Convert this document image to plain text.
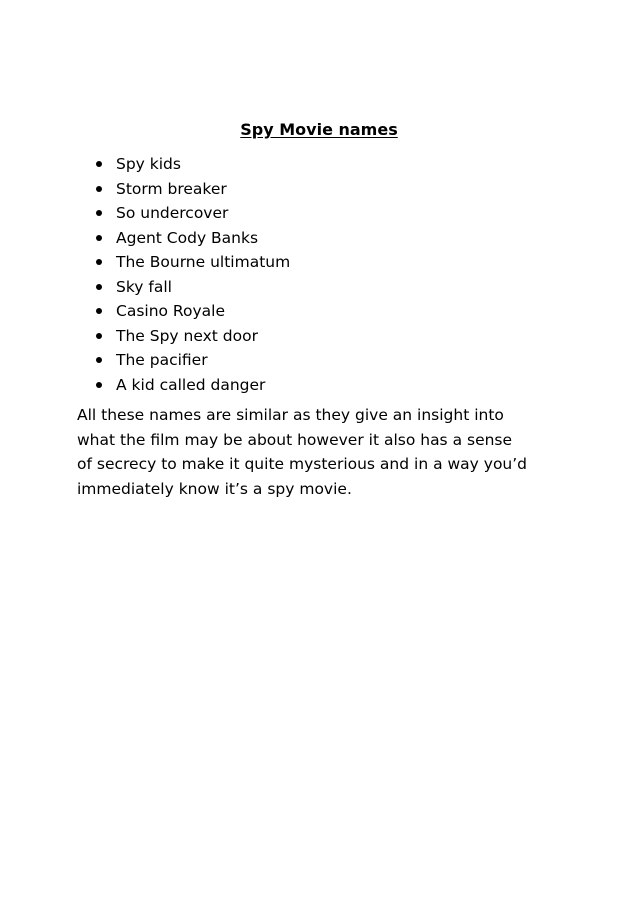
Spy Movie names
Spy kids
Storm breaker
So undercover
Agent Cody Banks
The Bourne ultimatum
Sky fall
Casino Royale
The Spy next door
The pacifier
A kid called danger

All these names are similar as they give an insight into
what the film may be about however it also has a sense
of secrecy to make it quite mysterious and in a way you’d
immediately know it’s a spy movie.
